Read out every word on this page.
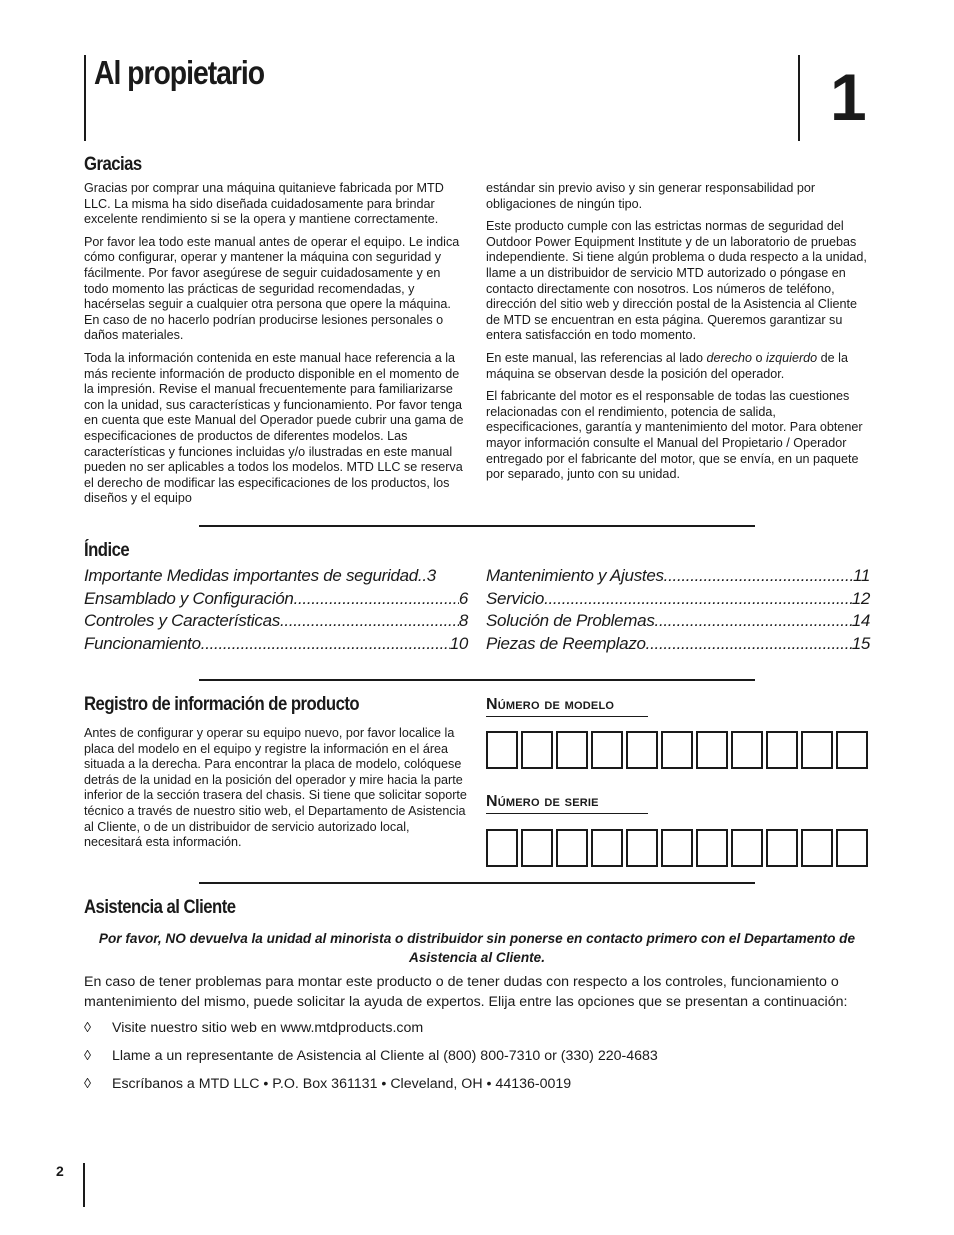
Al propietario	1
Gracias

Gracias por comprar una máquina quitanieve fabricada por MTD LLC. La misma ha sido diseñada cuidadosamente para brindar excelente rendimiento si se la opera y mantiene correctamente.

Por favor lea todo este manual antes de operar el equipo. Le indica cómo configurar, operar y mantener la máquina con seguridad y fácilmente. Por favor asegúrese de seguir cuidadosamente y en todo momento las prácticas de seguridad recomendadas, y hacérselas seguir a cualquier otra persona que opere la máquina. En caso de no hacerlo podrían producirse lesiones personales o daños materiales.

Toda la información contenida en este manual hace referencia a la más reciente información de producto disponible en el momento de la impresión. Revise el manual frecuentemente para familiarizarse con la unidad, sus características y funcionamiento. Por favor tenga en cuenta que este Manual del Operador puede cubrir una gama de especificaciones de productos de diferentes modelos. Las características y funciones incluidas y/o ilustradas en este manual pueden no ser aplicables a todos los modelos. MTD LLC se reserva el derecho de modificar las especificaciones de los productos, los diseños y el equipo

estándar sin previo aviso y sin generar responsabilidad por obligaciones de ningún tipo.

Este producto cumple con las estrictas normas de seguridad del Outdoor Power Equipment Institute y de un laboratorio de pruebas independiente. Si tiene algún problema o duda respecto a la unidad, llame a un distribuidor de servicio MTD autorizado o póngase en contacto directamente con nosotros. Los números de teléfono, dirección del sitio web y dirección postal de la Asistencia al Cliente de MTD se encuentran en esta página. Queremos garantizar su entera satisfacción en todo momento.

En este manual, las referencias al lado derecho o izquierdo de la máquina se observan desde la posición del operador.

El fabricante del motor es el responsable de todas las cuestiones relacionadas con el rendimiento, potencia de salida, especificaciones, garantía y mantenimiento del motor. Para obtener mayor información consulte el Manual del Propietario / Operador entregado por el fabricante del motor, que se envía, en un paquete por separado, junto con su unidad.

Índice
Importante Medidas importantes de seguridad.. 3
Ensamblado y Configuración .....	6
Controles y Características .....	8
Funcionamiento .....	10
Mantenimiento y Ajustes .....	11
Servicio .....	12
Solución de Problemas .....	14
Piezas de Reemplazo .....	15
Registro de información de producto
Antes de configurar y operar su equipo nuevo, por favor localice la placa del modelo en el equipo y registre la información en el área situada a la derecha. Para encontrar la placa de modelo, colóquese detrás de la unidad en la posición del operador y mire hacia la parte inferior de la sección trasera del chasis. Si tiene que solicitar soporte técnico a través de nuestro sitio web, el Departamento de Asistencia al Cliente, o de un distribuidor de servicio autorizado local, necesitará esta información.
Número de modelo
Número de serie
Asistencia al Cliente
Por favor, NO devuelva la unidad al minorista o distribuidor sin ponerse en contacto primero con el Departamento de Asistencia al Cliente.
En caso de tener problemas para montar este producto o de tener dudas con respecto a los controles, funcionamiento o mantenimiento del mismo, puede solicitar la ayuda de expertos. Elija entre las opciones que se presentan a continuación:
◊	Visite nuestro sitio web en www.mtdproducts.com
◊	Llame a un representante de Asistencia al Cliente al (800) 800-7310 or (330) 220-4683
◊	Escríbanos a MTD LLC • P.O. Box 361131 • Cleveland, OH • 44136-0019
2
